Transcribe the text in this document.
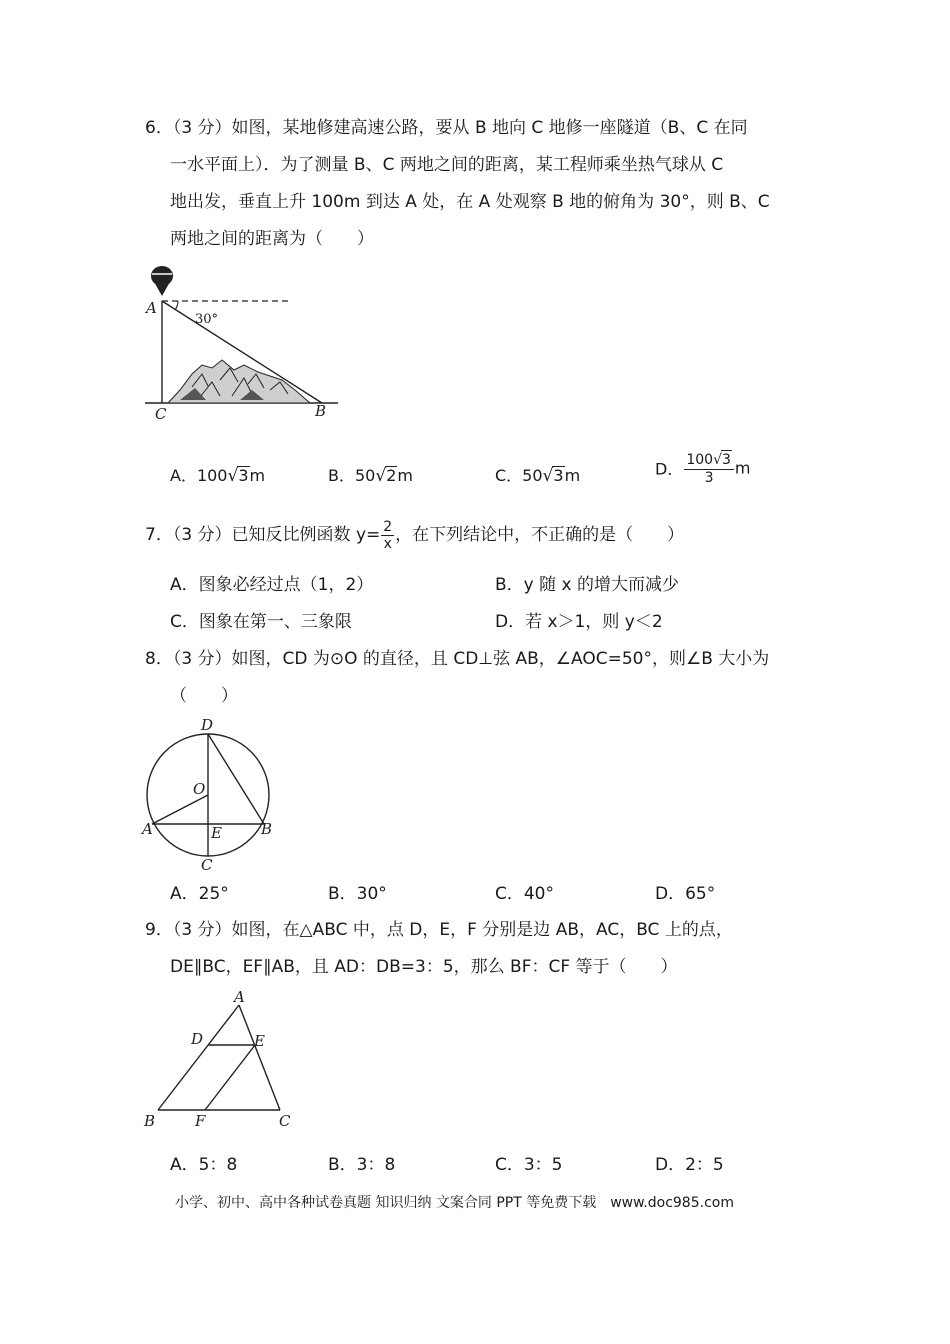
6．（3 分）如图，某地修建高速公路，要从 B 地向 C 地修一座隧道（B、C 在同
一水平面上）．为了测量 B、C 两地之间的距离，某工程师乘坐热气球从 C
地出发，垂直上升 100m 到达 A 处，在 A 处观察 B 地的俯角为 30°，则 B、C
两地之间的距离为（　　）
A
30°
C	B
A．100√3m	B．50√2m	C．50√3m	D． $\frac{100√3}{3}$ m
7．（3 分）已知反比例函数 $y= \frac{2}{x}$ ，在下列结论中，不正确的是（　　）
A．图象必经过点（1，2）	B．y 随 x 的增大而减少
C．图象在第一、三象限	D．若 x＞1，则 y＜2
8．（3 分）如图，CD 为⊙O 的直径，且 CD⊥弦 AB，∠AOC=50°，则∠B 大小为
（　　）
D
O
A	E	B
C
A．25°	B．30°	C．40°	D．65°
9．（3 分）如图，在△ABC 中，点 D，E，F 分别是边 AB，AC，BC 上的点，
DE∥BC，EF∥AB，且 AD：DB=3：5，那么 BF：CF 等于（　　）
A
D	E
B	F	C
A．5：8	B．3：8	C．3：5	D．2：5
小学、初中、高中各种试卷真题 知识归纳 文案合同 PPT 等免费下载　www.doc985.com
